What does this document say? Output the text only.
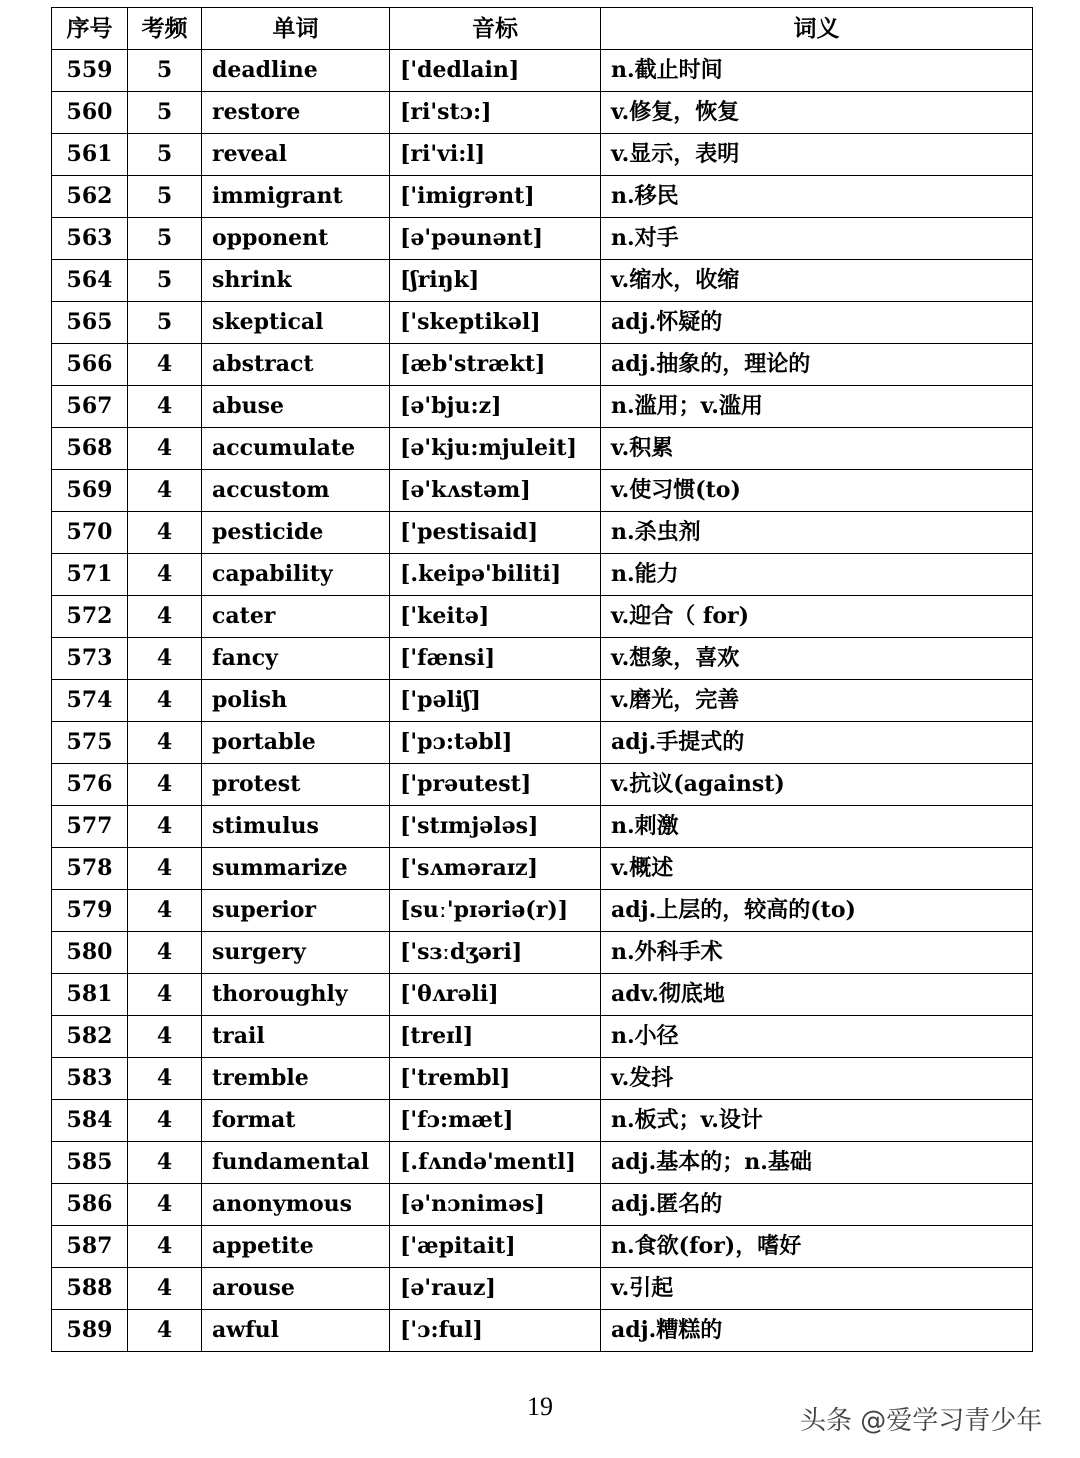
序号	考频	单词	音标	词义
559	5	deadline	['dedlain]	n.截止时间
560	5	restore	[ri'stɔ:]	v.修复，恢复
561	5	reveal	[ri'vi:l]	v.显示，表明
562	5	immigrant	['imigrənt]	n.移民
563	5	opponent	[ə'pəunənt]	n.对手
564	5	shrink	[ʃriŋk]	v.缩水，收缩
565	5	skeptical	['skeptikəl]	adj.怀疑的
566	4	abstract	[æb'strækt]	adj.抽象的，理论的
567	4	abuse	[ə'bju:z]	n.滥用；v.滥用
568	4	accumulate	[ə'kju:mjuleit]	v.积累
569	4	accustom	[ə'kʌstəm]	v.使习惯(to)
570	4	pesticide	['pestisaid]	n.杀虫剂
571	4	capability	[.keipə'biliti]	n.能力
572	4	cater	['keitə]	v.迎合（ for)
573	4	fancy	['fænsi]	v.想象，喜欢
574	4	polish	['pəliʃ]	v.磨光，完善
575	4	portable	['pɔ:təbl]	adj.手提式的
576	4	protest	['prəutest]	v.抗议(against)
577	4	stimulus	['stɪmjələs]	n.刺激
578	4	summarize	['sʌməraɪz]	v.概述
579	4	superior	[suː'pɪəriə(r)]	adj.上层的，较高的(to)
580	4	surgery	['sɜːdʒəri]	n.外科手术
581	4	thoroughly	['θʌrəli]	adv.彻底地
582	4	trail	[treɪl]	n.小径
583	4	tremble	['trembl]	v.发抖
584	4	format	['fɔ:mæt]	n.板式；v.设计
585	4	fundamental	[.fʌndə'mentl]	adj.基本的；n.基础
586	4	anonymous	[ə'nɔniməs]	adj.匿名的
587	4	appetite	['æpitait]	n.食欲(for)，嗜好
588	4	arouse	[ə'rauz]	v.引起
589	4	awful	['ɔ:ful]	adj.糟糕的
19	头条 @爱学习青少年
